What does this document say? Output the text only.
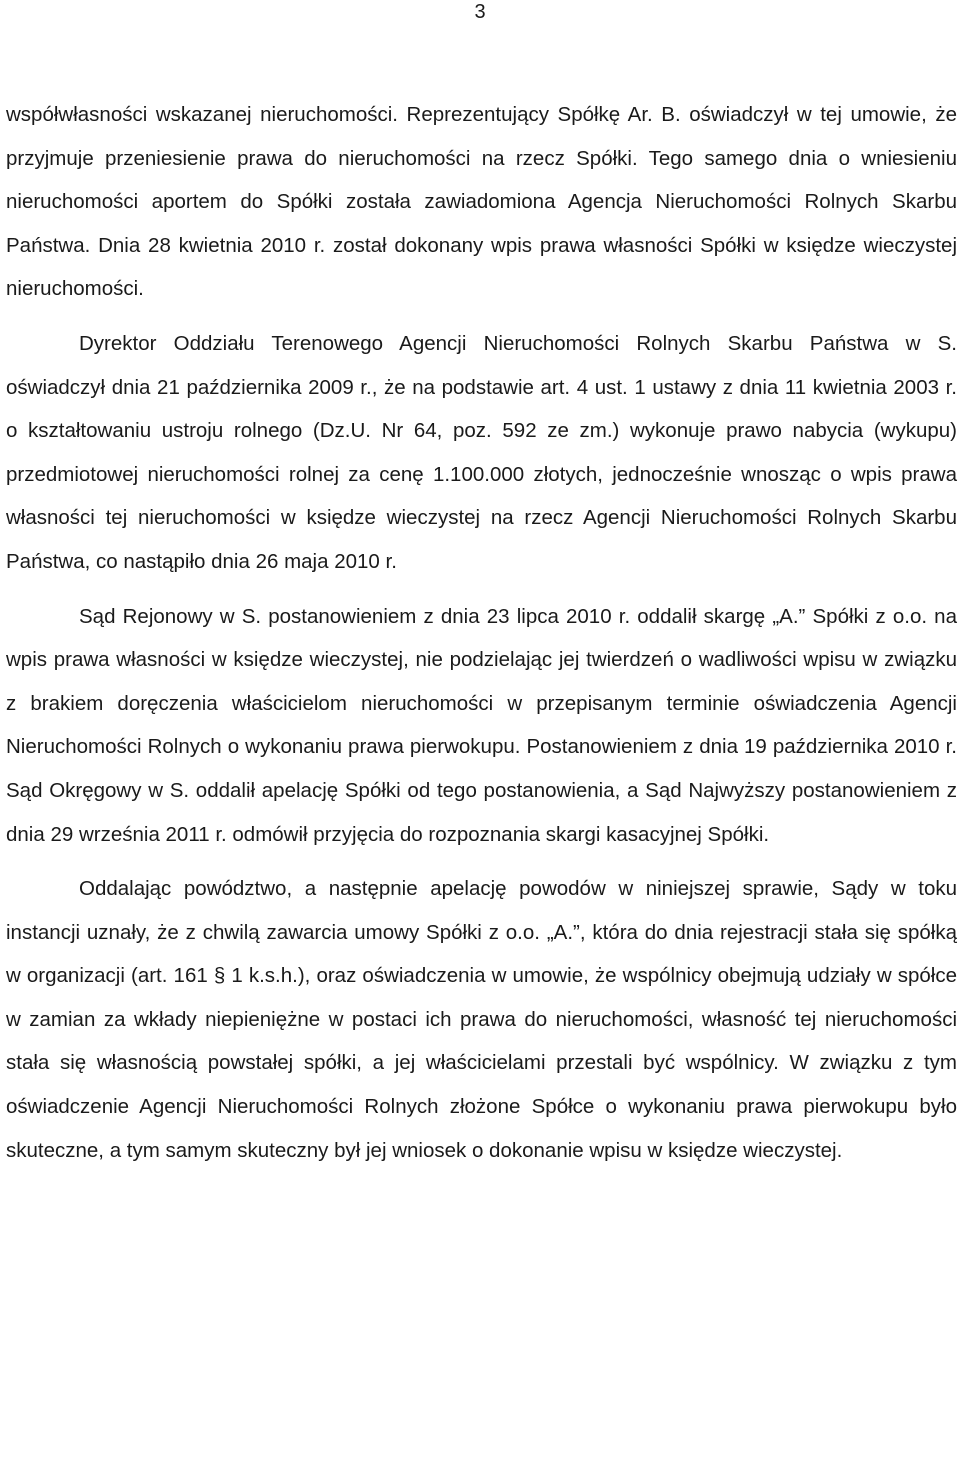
3

współwłasności wskazanej nieruchomości. Reprezentujący Spółkę Ar. B. oświadczył w tej umowie, że przyjmuje przeniesienie prawa do nieruchomości na rzecz Spółki. Tego samego dnia o wniesieniu nieruchomości aportem do Spółki została zawiadomiona Agencja Nieruchomości Rolnych Skarbu Państwa. Dnia 28 kwietnia 2010 r. został dokonany wpis prawa własności Spółki w księdze wieczystej nieruchomości.

Dyrektor Oddziału Terenowego Agencji Nieruchomości Rolnych Skarbu Państwa w S. oświadczył dnia 21 października 2009 r., że na podstawie art. 4 ust. 1 ustawy z dnia 11 kwietnia 2003 r. o kształtowaniu ustroju rolnego (Dz.U. Nr 64, poz. 592 ze zm.) wykonuje prawo nabycia (wykupu) przedmiotowej nieruchomości rolnej za cenę 1.100.000 złotych, jednocześnie wnosząc o wpis prawa własności tej nieruchomości w księdze wieczystej na rzecz Agencji Nieruchomości Rolnych Skarbu Państwa, co nastąpiło dnia 26 maja 2010 r.

Sąd Rejonowy w S. postanowieniem z dnia 23 lipca 2010 r. oddalił skargę „A.” Spółki z o.o. na wpis prawa własności w księdze wieczystej, nie podzielając jej twierdzeń o wadliwości wpisu w związku z brakiem doręczenia właścicielom nieruchomości w przepisanym terminie oświadczenia Agencji Nieruchomości Rolnych o wykonaniu prawa pierwokupu. Postanowieniem z dnia 19 października 2010 r. Sąd Okręgowy w S. oddalił apelację Spółki od tego postanowienia, a Sąd Najwyższy postanowieniem z dnia 29 września 2011 r. odmówił przyjęcia do rozpoznania skargi kasacyjnej Spółki.

Oddalając powództwo, a następnie apelację powodów w niniejszej sprawie, Sądy w toku instancji uznały, że z chwilą zawarcia umowy Spółki z o.o. „A.”, która do dnia rejestracji stała się spółką w organizacji (art. 161 § 1 k.s.h.), oraz oświadczenia w umowie, że wspólnicy obejmują udziały w spółce w zamian za wkłady niepieniężne w postaci ich prawa do nieruchomości, własność tej nieruchomości stała się własnością powstałej spółki, a jej właścicielami przestali być wspólnicy. W związku z tym oświadczenie Agencji Nieruchomości Rolnych złożone Spółce o wykonaniu prawa pierwokupu było skuteczne, a tym samym skuteczny był jej wniosek o dokonanie wpisu w księdze wieczystej.
